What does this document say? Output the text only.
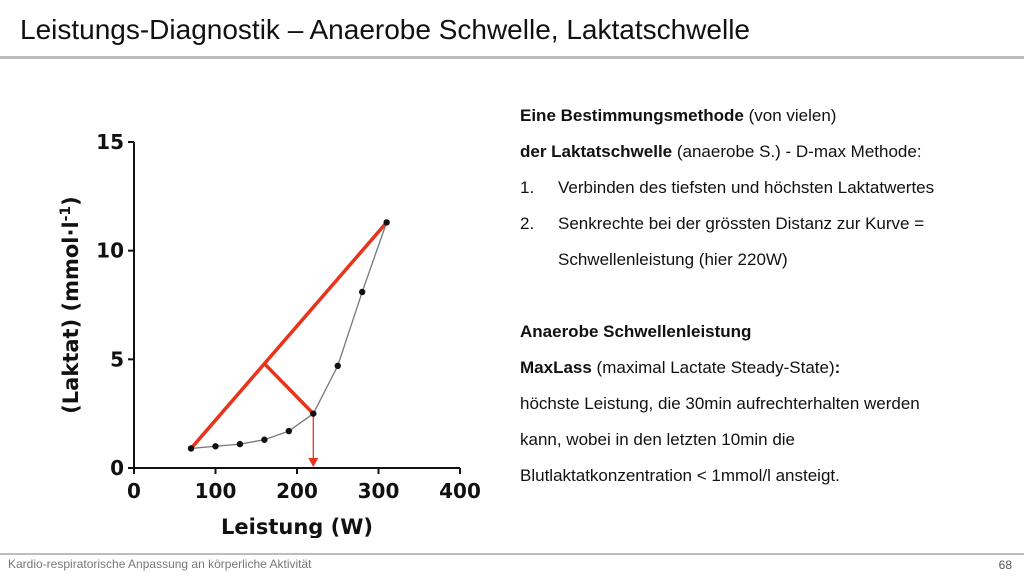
Leistungs-Diagnostik – Anaerobe Schwelle, Laktatschwelle
0	100 200 300 400
0
5
10
15
Leistung (W)
(Laktat) $(mmol\cdot l^{-1})$

Eine Bestimmungsmethode (von vielen)

der Laktatschwelle (anaerobe S.) - D-max Methode:

1.	Verbinden des tiefsten und höchsten Laktatwertes
2.	Senkrechte bei der grössten Distanz zur Kurve =
Schwellenleistung (hier 220W)

Anaerobe Schwellenleistung

MaxLass (maximal Lactate Steady-State):

höchste Leistung, die 30min aufrechterhalten werden

kann, wobei in den letzten 10min die

Blutlaktatkonzentration < 1mmol/l ansteigt.

Kardio-respiratorische Anpassung an körperliche Aktivität	68
